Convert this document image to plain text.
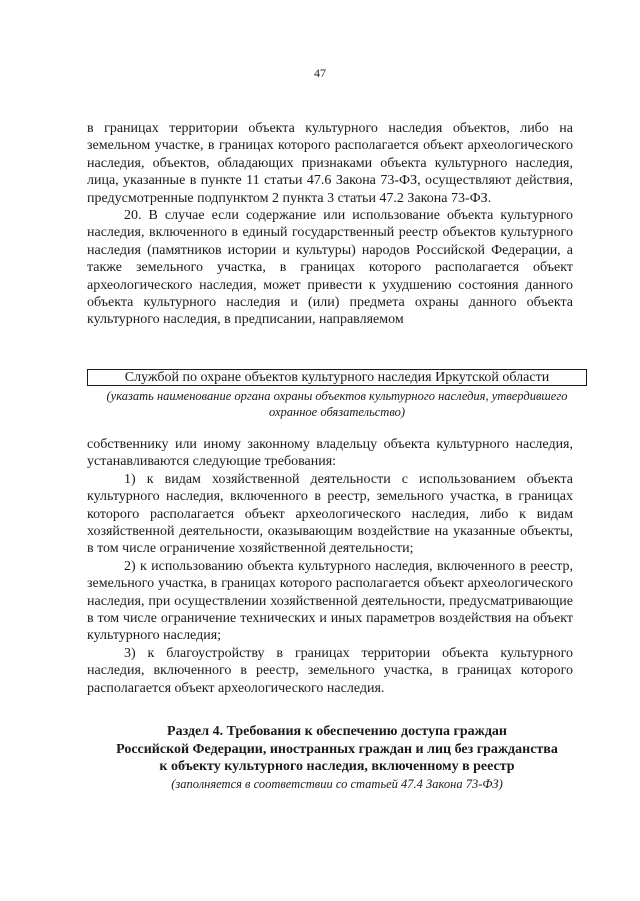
47

в границах территории объекта культурного наследия объектов, либо на земельном участке, в границах которого располагается объект археологического наследия, объектов, обладающих признаками объекта культурного наследия, лица, указанные в пункте 11 статьи 47.6 Закона 73-ФЗ, осуществляют действия, предусмотренные подпунктом 2 пункта 3 статьи 47.2 Закона 73-ФЗ.

20. В случае если содержание или использование объекта культурного наследия, включенного в единый государственный реестр объектов культурного наследия (памятников истории и культуры) народов Российской Федерации, а также земельного участка, в границах которого располагается объект археологического наследия, может привести к ухудшению состояния данного объекта культурного наследия и (или) предмета охраны данного объекта культурного наследия, в предписании, направляемом

Службой по охране объектов культурного наследия Иркутской области
(указать наименование органа охраны объектов культурного наследия, утвердившего охранное обязательство)

собственнику или иному законному владельцу объекта культурного наследия, устанавливаются следующие требования:

1) к видам хозяйственной деятельности с использованием объекта культурного наследия, включенного в реестр, земельного участка, в границах которого располагается объект археологического наследия, либо к видам хозяйственной деятельности, оказывающим воздействие на указанные объекты, в том числе ограничение хозяйственной деятельности;

2) к использованию объекта культурного наследия, включенного в реестр, земельного участка, в границах которого располагается объект археологического наследия, при осуществлении хозяйственной деятельности, предусматривающие в том числе ограничение технических и иных параметров воздействия на объект культурного наследия;

3) к благоустройству в границах территории объекта культурного наследия, включенного в реестр, земельного участка, в границах которого располагается объект археологического наследия.

Раздел 4. Требования к обеспечению доступа граждан
Российской Федерации, иностранных граждан и лиц без гражданства
к объекту культурного наследия, включенному в реестр
(заполняется в соответствии со статьей 47.4 Закона 73-ФЗ)
